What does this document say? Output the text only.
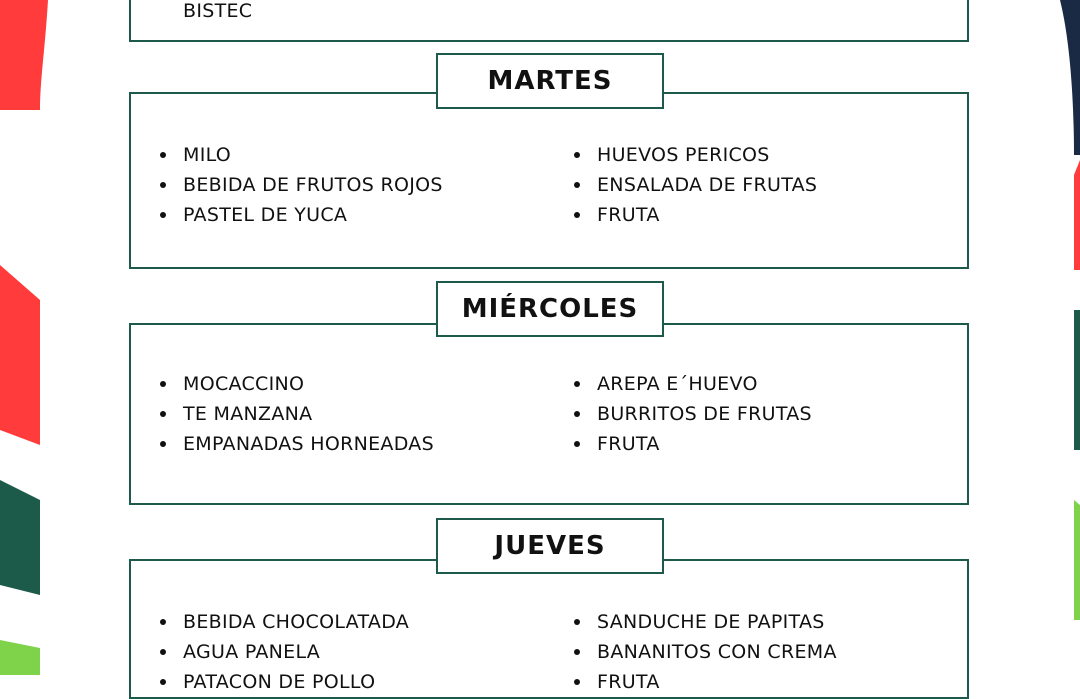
BISTEC
MILO
BEBIDA DE FRUTOS ROJOS
PASTEL DE YUCA
HUEVOS PERICOS
ENSALADA DE FRUTAS
FRUTA
MARTES
MOCACCINO
TE MANZANA
EMPANADAS HORNEADAS
AREPA E´HUEVO
BURRITOS DE FRUTAS
FRUTA
MIÉRCOLES
BEBIDA CHOCOLATADA
AGUA PANELA
PATACON DE POLLO
SANDUCHE DE PAPITAS
BANANITOS CON CREMA
FRUTA
JUEVES
